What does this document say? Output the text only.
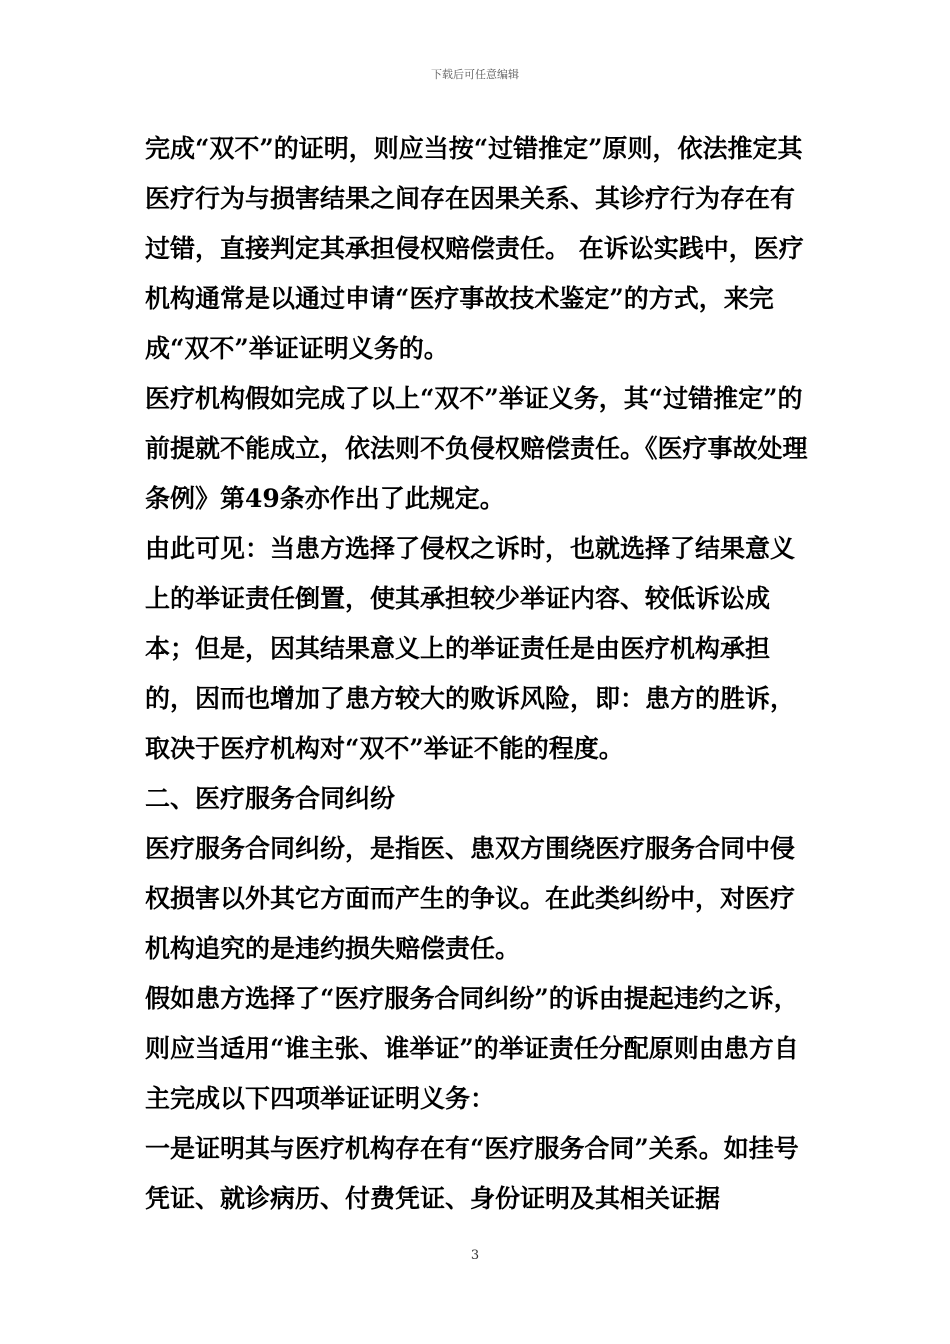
下载后可任意编辑

完成“双不”的证明，则应当按“过错推定”原则，依法推定其医疗行为与损害结果之间存在因果关系、其诊疗行为存在有过错，直接判定其承担侵权赔偿责任。 在诉讼实践中，医疗机构通常是以通过申请“医疗事故技术鉴定”的方式，来完成“双不”举证证明义务的。

医疗机构假如完成了以上“双不”举证义务，其“过错推定”的前提就不能成立，依法则不负侵权赔偿责任。《医疗事故处理条例》第49条亦作出了此规定。

由此可见：当患方选择了侵权之诉时，也就选择了结果意义上的举证责任倒置，使其承担较少举证内容、较低诉讼成本；但是，因其结果意义上的举证责任是由医疗机构承担的，因而也增加了患方较大的败诉风险，即：患方的胜诉，取决于医疗机构对“双不”举证不能的程度。

二、医疗服务合同纠纷

医疗服务合同纠纷，是指医、患双方围绕医疗服务合同中侵权损害以外其它方面而产生的争议。在此类纠纷中，对医疗机构追究的是违约损失赔偿责任。

假如患方选择了“医疗服务合同纠纷”的诉由提起违约之诉，则应当适用“谁主张、谁举证”的举证责任分配原则由患方自主完成以下四项举证证明义务：

一是证明其与医疗机构存在有“医疗服务合同”关系。如挂号凭证、就诊病历、付费凭证、身份证明及其相关证据

3
